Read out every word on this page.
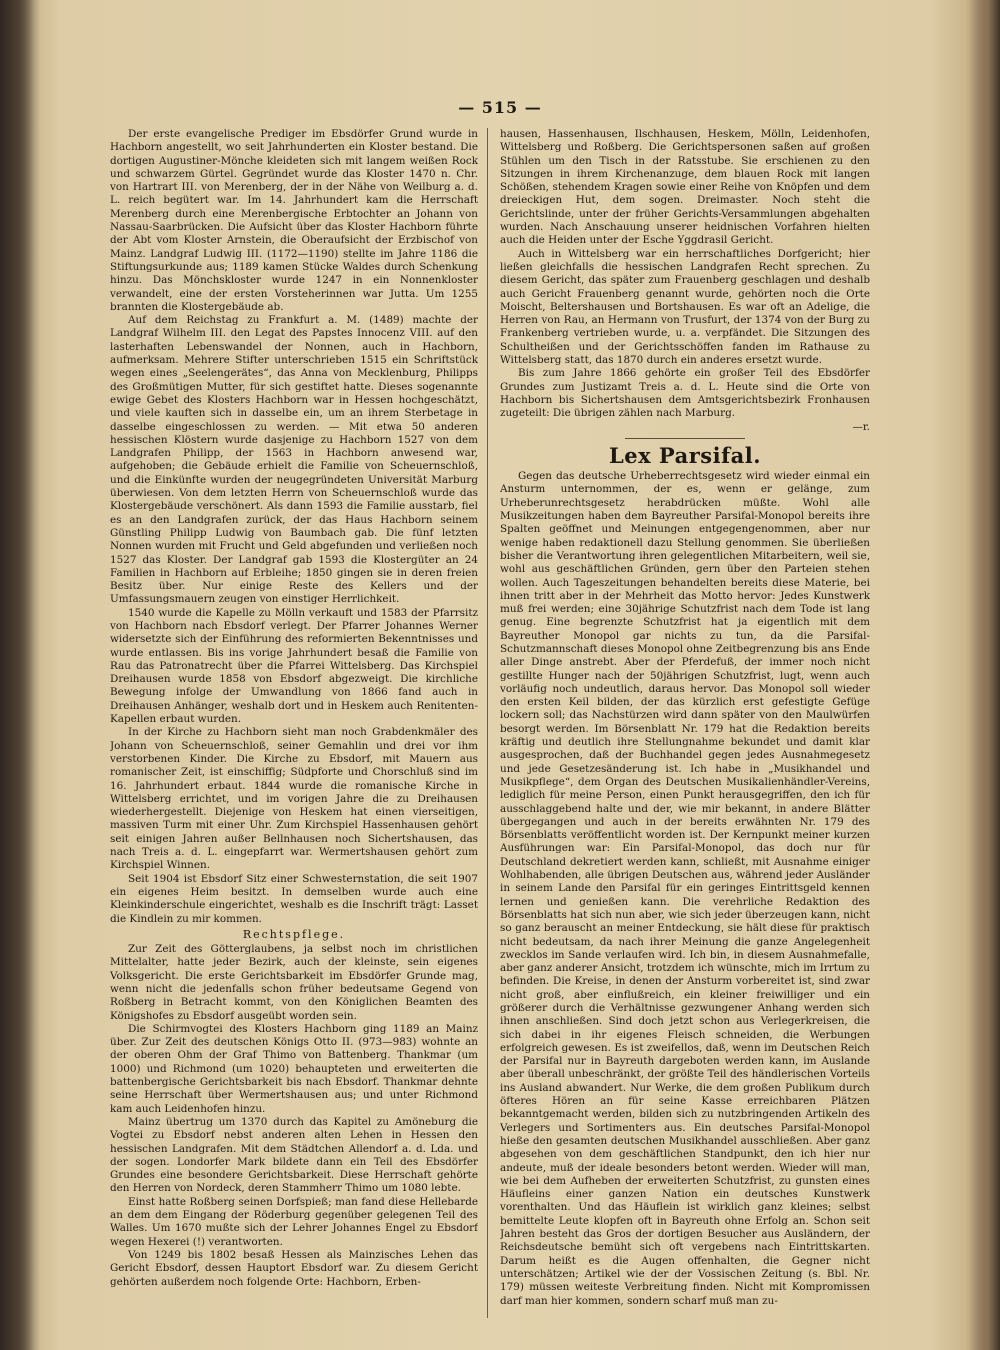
— 515 —

Der erste evangelische Prediger im Ebsdörfer Grund wurde in Hachborn angestellt, wo seit Jahrhunderten ein Kloster bestand. Die dortigen Augustiner-Mönche kleideten sich mit langem weißen Rock und schwarzem Gürtel. Gegründet wurde das Kloster 1470 n. Chr. von Hartrart III. von Merenberg, der in der Nähe von Weilburg a. d. L. reich begütert war. Im 14. Jahrhundert kam die Herrschaft Merenberg durch eine Merenbergische Erbtochter an Johann von Nassau-Saarbrücken. Die Aufsicht über das Kloster Hachborn führte der Abt vom Kloster Arnstein, die Oberaufsicht der Erzbischof von Mainz. Landgraf Ludwig III. (1172—1190) stellte im Jahre 1186 die Stiftungsurkunde aus; 1189 kamen Stücke Waldes durch Schenkung hinzu. Das Mönchskloster wurde 1247 in ein Nonnenkloster verwandelt, eine der ersten Vorsteherinnen war Jutta. Um 1255 brannten die Klostergebäude ab.

Auf dem Reichstag zu Frankfurt a. M. (1489) machte der Landgraf Wilhelm III. den Legat des Papstes Innocenz VIII. auf den lasterhaften Lebenswandel der Nonnen, auch in Hachborn, aufmerksam. Mehrere Stifter unterschrieben 1515 ein Schriftstück wegen eines „Seelengerätes“, das Anna von Mecklenburg, Philipps des Großmütigen Mutter, für sich gestiftet hatte. Dieses sogenannte ewige Gebet des Klosters Hachborn war in Hessen hochgeschätzt, und viele kauften sich in dasselbe ein, um an ihrem Sterbetage in dasselbe eingeschlossen zu werden. — Mit etwa 50 anderen hessischen Klöstern wurde dasjenige zu Hachborn 1527 von dem Landgrafen Philipp, der 1563 in Hachborn anwesend war, aufgehoben; die Gebäude erhielt die Familie von Scheuernschloß, und die Einkünfte wurden der neugegründeten Universität Marburg überwiesen. Von dem letzten Herrn von Scheuernschloß wurde das Klostergebäude verschönert. Als dann 1593 die Familie ausstarb, fiel es an den Landgrafen zurück, der das Haus Hachborn seinem Günstling Philipp Ludwig von Baumbach gab. Die fünf letzten Nonnen wurden mit Frucht und Geld abgefunden und verließen noch 1527 das Kloster. Der Landgraf gab 1593 die Klostergüter an 24 Familien in Hachborn auf Erbleihe; 1850 gingen sie in deren freien Besitz über. Nur einige Reste des Kellers und der Umfassungsmauern zeugen von einstiger Herrlichkeit.

1540 wurde die Kapelle zu Mölln verkauft und 1583 der Pfarrsitz von Hachborn nach Ebsdorf verlegt. Der Pfarrer Johannes Werner widersetzte sich der Einführung des reformierten Bekenntnisses und wurde entlassen. Bis ins vorige Jahrhundert besaß die Familie von Rau das Patronatrecht über die Pfarrei Wittelsberg. Das Kirchspiel Dreihausen wurde 1858 von Ebsdorf abgezweigt. Die kirchliche Bewegung infolge der Umwandlung von 1866 fand auch in Dreihausen Anhänger, weshalb dort und in Heskem auch Renitenten-Kapellen erbaut wurden.

In der Kirche zu Hachborn sieht man noch Grabdenkmäler des Johann von Scheuernschloß, seiner Gemahlin und drei vor ihm verstorbenen Kinder. Die Kirche zu Ebsdorf, mit Mauern aus romanischer Zeit, ist einschiffig; Südpforte und Chorschluß sind im 16. Jahrhundert erbaut. 1844 wurde die romanische Kirche in Wittelsberg errichtet, und im vorigen Jahre die zu Dreihausen wiederhergestellt. Diejenige von Heskem hat einen vierseitigen, massiven Turm mit einer Uhr. Zum Kirchspiel Hassenhausen gehört seit einigen Jahren außer Bellnhausen noch Sichertshausen, das nach Treis a. d. L. eingepfarrt war. Wermertshausen gehört zum Kirchspiel Winnen.

Seit 1904 ist Ebsdorf Sitz einer Schwesternstation, die seit 1907 ein eigenes Heim besitzt. In demselben wurde auch eine Kleinkinderschule eingerichtet, weshalb es die Inschrift trägt: Lasset die Kindlein zu mir kommen.

Rechtspflege.

Zur Zeit des Götterglaubens, ja selbst noch im christlichen Mittelalter, hatte jeder Bezirk, auch der kleinste, sein eigenes Volksgericht. Die erste Gerichtsbarkeit im Ebsdörfer Grunde mag, wenn nicht die jedenfalls schon früher bedeutsame Gegend von Roßberg in Betracht kommt, von den Königlichen Beamten des Königshofes zu Ebsdorf ausgeübt worden sein.

Die Schirmvogtei des Klosters Hachborn ging 1189 an Mainz über. Zur Zeit des deutschen Königs Otto II. (973—983) wohnte an der oberen Ohm der Graf Thimo von Battenberg. Thankmar (um 1000) und Richmond (um 1020) behaupteten und erweiterten die battenbergische Gerichtsbarkeit bis nach Ebsdorf. Thankmar dehnte seine Herrschaft über Wermertshausen aus; und unter Richmond kam auch Leidenhofen hinzu.

Mainz übertrug um 1370 durch das Kapitel zu Amöneburg die Vogtei zu Ebsdorf nebst anderen alten Lehen in Hessen den hessischen Landgrafen. Mit dem Städtchen Allendorf a. d. Lda. und der sogen. Londorfer Mark bildete dann ein Teil des Ebsdörfer Grundes eine besondere Gerichtsbarkeit. Diese Herrschaft gehörte den Herren von Nordeck, deren Stammherr Thimo um 1080 lebte.

Einst hatte Roßberg seinen Dorfspieß; man fand diese Hellebarde an dem dem Eingang der Röderburg gegenüber gelegenen Teil des Walles. Um 1670 mußte sich der Lehrer Johannes Engel zu Ebsdorf wegen Hexerei (!) verantworten.

Von 1249 bis 1802 besaß Hessen als Mainzisches Lehen das Gericht Ebsdorf, dessen Hauptort Ebsdorf war. Zu diesem Gericht gehörten außerdem noch folgende Orte: Hachborn, Erben-

hausen, Hassenhausen, Ilschhausen, Heskem, Mölln, Leidenhofen, Wittelsberg und Roßberg. Die Gerichtspersonen saßen auf großen Stühlen um den Tisch in der Ratsstube. Sie erschienen zu den Sitzungen in ihrem Kirchenanzuge, dem blauen Rock mit langen Schößen, stehendem Kragen sowie einer Reihe von Knöpfen und dem dreieckigen Hut, dem sogen. Dreimaster. Noch steht die Gerichtslinde, unter der früher Gerichts-Versammlungen abgehalten wurden. Nach Anschauung unserer heidnischen Vorfahren hielten auch die Heiden unter der Esche Yggdrasil Gericht.

Auch in Wittelsberg war ein herrschaftliches Dorfgericht; hier ließen gleichfalls die hessischen Landgrafen Recht sprechen. Zu diesem Gericht, das später zum Frauenberg geschlagen und deshalb auch Gericht Frauenberg genannt wurde, gehörten noch die Orte Moischt, Beltershausen und Bortshausen. Es war oft an Adelige, die Herren von Rau, an Hermann von Trusfurt, der 1374 von der Burg zu Frankenberg vertrieben wurde, u. a. verpfändet. Die Sitzungen des Schultheißen und der Gerichtsschöffen fanden im Rathause zu Wittelsberg statt, das 1870 durch ein anderes ersetzt wurde.

Bis zum Jahre 1866 gehörte ein großer Teil des Ebsdörfer Grundes zum Justizamt Treis a. d. L. Heute sind die Orte von Hachborn bis Sichertshausen dem Amtsgerichtsbezirk Fronhausen zugeteilt: Die übrigen zählen nach Marburg.

—r.
Lex Parsifal.

Gegen das deutsche Urheberrechtsgesetz wird wieder einmal ein Ansturm unternommen, der es, wenn er gelänge, zum Urheberunrechtsgesetz herabdrücken müßte. Wohl alle Musikzeitungen haben dem Bayreuther Parsifal-Monopol bereits ihre Spalten geöffnet und Meinungen entgegengenommen, aber nur wenige haben redaktionell dazu Stellung genommen. Sie überließen bisher die Verantwortung ihren gelegentlichen Mitarbeitern, weil sie, wohl aus geschäftlichen Gründen, gern über den Parteien stehen wollen. Auch Tageszeitungen behandelten bereits diese Materie, bei ihnen tritt aber in der Mehrheit das Motto hervor: Jedes Kunstwerk muß frei werden; eine 30jährige Schutzfrist nach dem Tode ist lang genug. Eine begrenzte Schutzfrist hat ja eigentlich mit dem Bayreuther Monopol gar nichts zu tun, da die Parsifal-Schutzmannschaft dieses Monopol ohne Zeitbegrenzung bis ans Ende aller Dinge anstrebt. Aber der Pferdefuß, der immer noch nicht gestillte Hunger nach der 50jährigen Schutzfrist, lugt, wenn auch vorläufig noch undeutlich, daraus hervor. Das Monopol soll wieder den ersten Keil bilden, der das kürzlich erst gefestigte Gefüge lockern soll; das Nachstürzen wird dann später von den Maulwürfen besorgt werden. Im Börsenblatt Nr. 179 hat die Redaktion bereits kräftig und deutlich ihre Stellungnahme bekundet und damit klar ausgesprochen, daß der Buchhandel gegen jedes Ausnahmegesetz und jede Gesetzesänderung ist. Ich habe in „Musikhandel und Musikpflege“, dem Organ des Deutschen Musikalienhändler-Vereins, lediglich für meine Person, einen Punkt herausgegriffen, den ich für ausschlaggebend halte und der, wie mir bekannt, in andere Blätter übergegangen und auch in der bereits erwähnten Nr. 179 des Börsenblatts veröffentlicht worden ist. Der Kernpunkt meiner kurzen Ausführungen war: Ein Parsifal-Monopol, das doch nur für Deutschland dekretiert werden kann, schließt, mit Ausnahme einiger Wohlhabenden, alle übrigen Deutschen aus, während jeder Ausländer in seinem Lande den Parsifal für ein geringes Eintrittsgeld kennen lernen und genießen kann. Die verehrliche Redaktion des Börsenblatts hat sich nun aber, wie sich jeder überzeugen kann, nicht so ganz berauscht an meiner Entdeckung, sie hält diese für praktisch nicht bedeutsam, da nach ihrer Meinung die ganze Angelegenheit zwecklos im Sande verlaufen wird. Ich bin, in diesem Ausnahmefalle, aber ganz anderer Ansicht, trotzdem ich wünschte, mich im Irrtum zu befinden. Die Kreise, in denen der Ansturm vorbereitet ist, sind zwar nicht groß, aber einflußreich, ein kleiner freiwilliger und ein größerer durch die Verhältnisse gezwungener Anhang werden sich ihnen anschließen. Sind doch jetzt schon aus Verlegerkreisen, die sich dabei in ihr eigenes Fleisch schneiden, die Werbungen erfolgreich gewesen. Es ist zweifellos, daß, wenn im Deutschen Reich der Parsifal nur in Bayreuth dargeboten werden kann, im Auslande aber überall unbeschränkt, der größte Teil des händlerischen Vorteils ins Ausland abwandert. Nur Werke, die dem großen Publikum durch öfteres Hören an für seine Kasse erreichbaren Plätzen bekanntgemacht werden, bilden sich zu nutzbringenden Artikeln des Verlegers und Sortimenters aus. Ein deutsches Parsifal-Monopol hieße den gesamten deutschen Musikhandel ausschließen. Aber ganz abgesehen von dem geschäftlichen Standpunkt, den ich hier nur andeute, muß der ideale besonders betont werden. Wieder will man, wie bei dem Aufheben der erweiterten Schutzfrist, zu gunsten eines Häufleins einer ganzen Nation ein deutsches Kunstwerk vorenthalten. Und das Häuflein ist wirklich ganz kleines; selbst bemittelte Leute klopfen oft in Bayreuth ohne Erfolg an. Schon seit Jahren besteht das Gros der dortigen Besucher aus Ausländern, der Reichsdeutsche bemüht sich oft vergebens nach Eintrittskarten. Darum heißt es die Augen offenhalten, die Gegner nicht unterschätzen; Artikel wie der der Vossischen Zeitung (s. Bbl. Nr. 179) müssen weiteste Verbreitung finden. Nicht mit Kompromissen darf man hier kommen, sondern scharf muß man zu-
